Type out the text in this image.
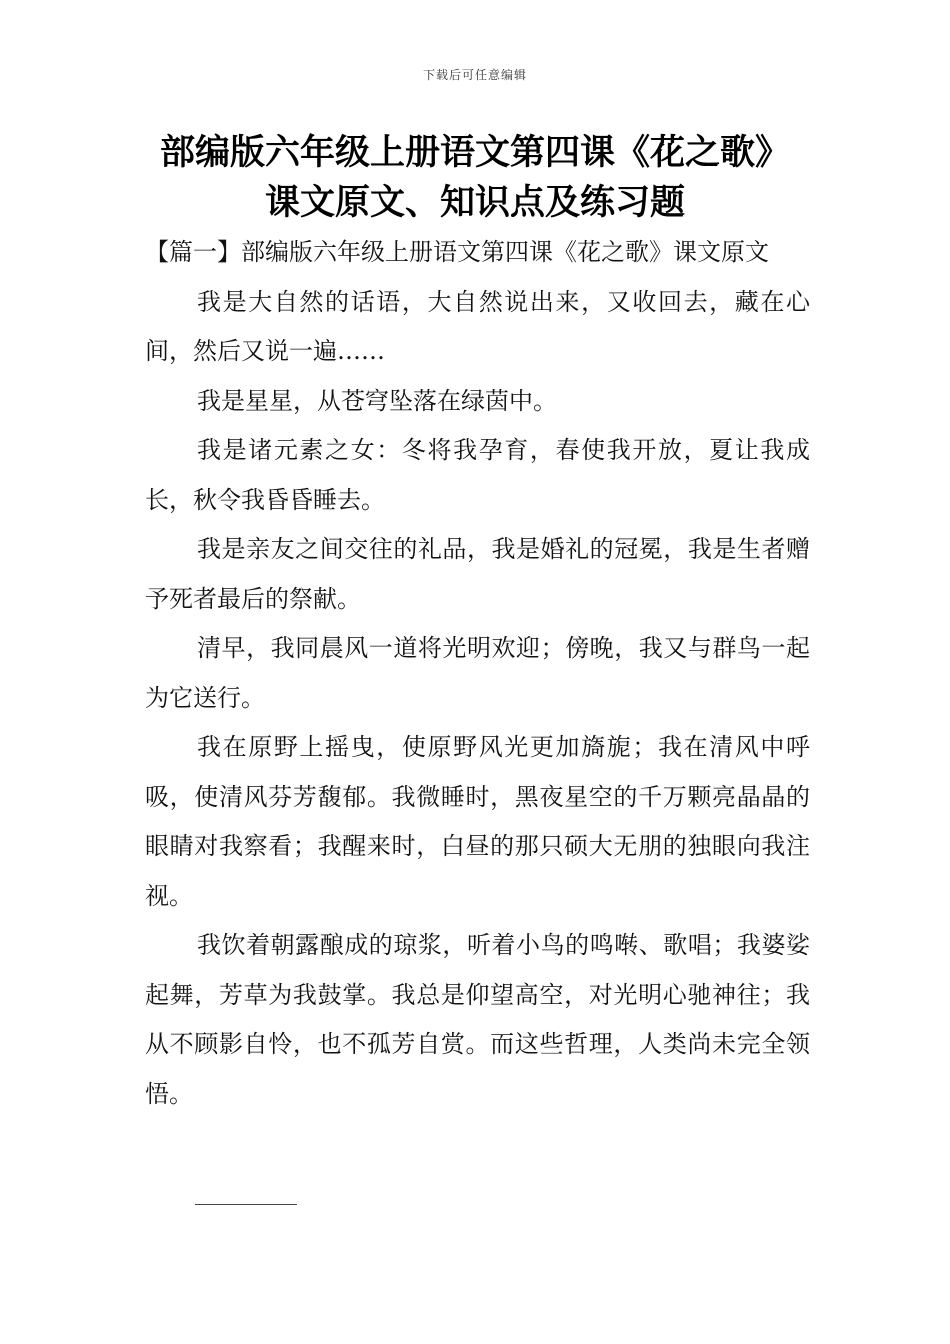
下载后可任意编辑
部编版六年级上册语文第四课《花之歌》
课文原文、知识点及练习题

【篇一】部编版六年级上册语文第四课《花之歌》课文原文

我是大自然的话语，大自然说出来，又收回去，藏在心间，然后又说一遍……

我是星星，从苍穹坠落在绿茵中。

我是诸元素之女：冬将我孕育，春使我开放，夏让我成长，秋令我昏昏睡去。

我是亲友之间交往的礼品，我是婚礼的冠冕，我是生者赠予死者最后的祭献。

清早，我同晨风一道将光明欢迎；傍晚，我又与群鸟一起为它送行。

我在原野上摇曳，使原野风光更加旖旎；我在清风中呼吸，使清风芬芳馥郁。我微睡时，黑夜星空的千万颗亮晶晶的眼睛对我察看；我醒来时，白昼的那只硕大无朋的独眼向我注视。

我饮着朝露酿成的琼浆，听着小鸟的鸣啭、歌唱；我婆娑起舞，芳草为我鼓掌。我总是仰望高空，对光明心驰神往；我从不顾影自怜，也不孤芳自赏。而这些哲理，人类尚未完全领悟。
